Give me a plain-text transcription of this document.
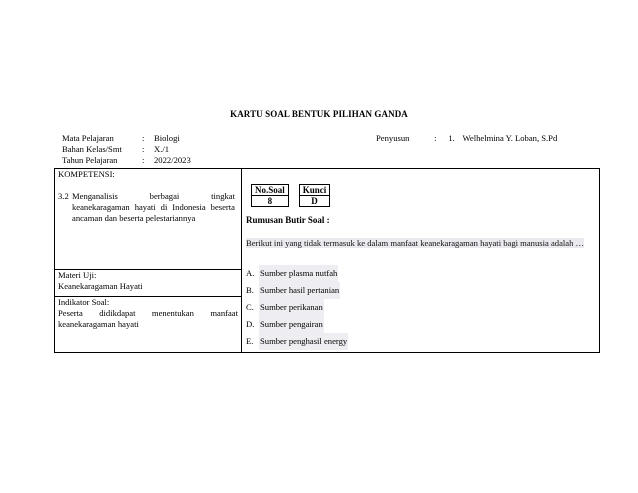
KARTU SOAL BENTUK PILIHAN GANDA
Mata Pelajaran	:	Biologi
Bahan Kelas/Smt	:	X./1
Tahun Pelajaran	:	2022/2023
Penyusun	: 1. Welhelmina Y. Loban, S.Pd
KOMPETENSI:
3.2 Menganalisis berbagai tingkat keanekaragaman hayati di Indonesia beserta ancaman dan beserta pelestariannya
Materi Uji:
Keanekaragaman Hayati
Indikator Soal:
Peserta didikdapat menentukan manfaat keanekaragaman hayati
No.Soal
8
Kunci
D
Rumusan Butir Soal :
Berikut ini yang tidak termasuk ke dalam manfaat keanekaragaman hayati bagi manusia adalah …
A. Sumber plasma nutfah
B. Sumber hasil pertanian
C. Sumber perikanan
D. Sumber pengairan
E. Sumber penghasil energy
